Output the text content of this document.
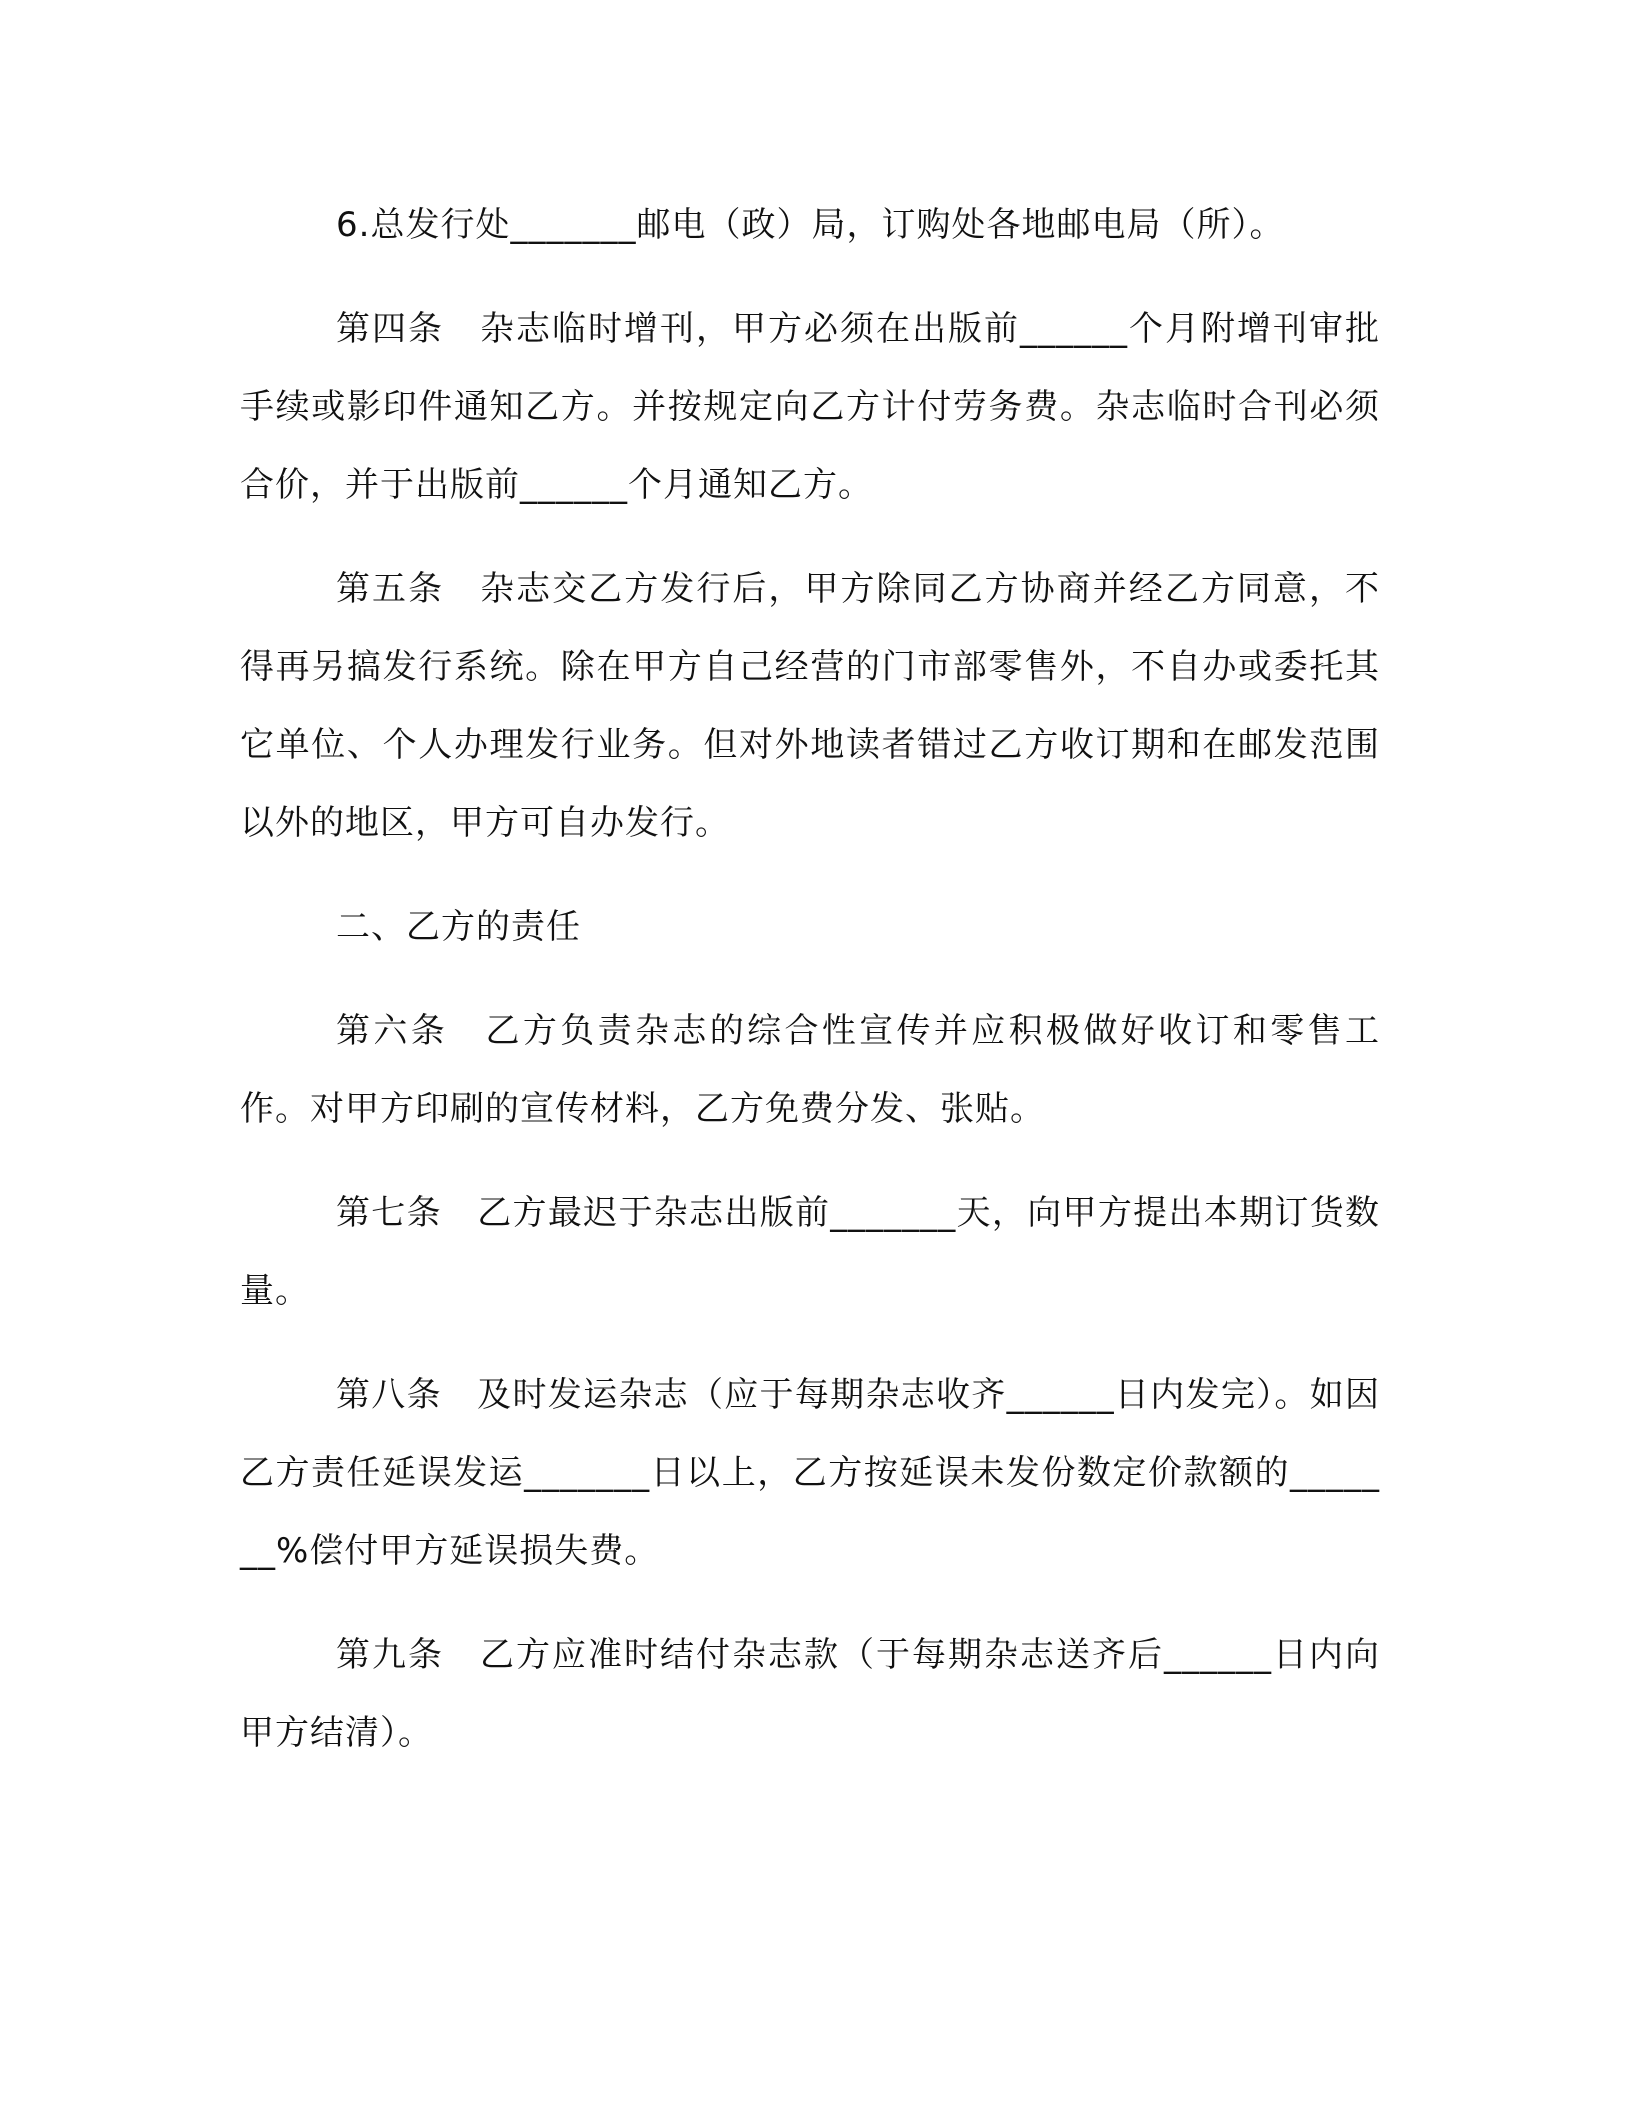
6.总发行处_______邮电（政）局，订购处各地邮电局（所）。

第四条　杂志临时增刊，甲方必须在出版前______个月附增刊审批手续或影印件通知乙方。并按规定向乙方计付劳务费。杂志临时合刊必须合价，并于出版前______个月通知乙方。

第五条　杂志交乙方发行后，甲方除同乙方协商并经乙方同意，不得再另搞发行系统。除在甲方自己经营的门市部零售外，不自办或委托其它单位、个人办理发行业务。但对外地读者错过乙方收订期和在邮发范围以外的地区，甲方可自办发行。

二、乙方的责任

第六条　乙方负责杂志的综合性宣传并应积极做好收订和零售工作。对甲方印刷的宣传材料，乙方免费分发、张贴。

第七条　乙方最迟于杂志出版前_______天，向甲方提出本期订货数量。

第八条　及时发运杂志（应于每期杂志收齐______日内发完）。如因乙方责任延误发运_______日以上，乙方按延误未发份数定价款额的_______%偿付甲方延误损失费。

第九条　乙方应准时结付杂志款（于每期杂志送齐后______日内向甲方结清）。
